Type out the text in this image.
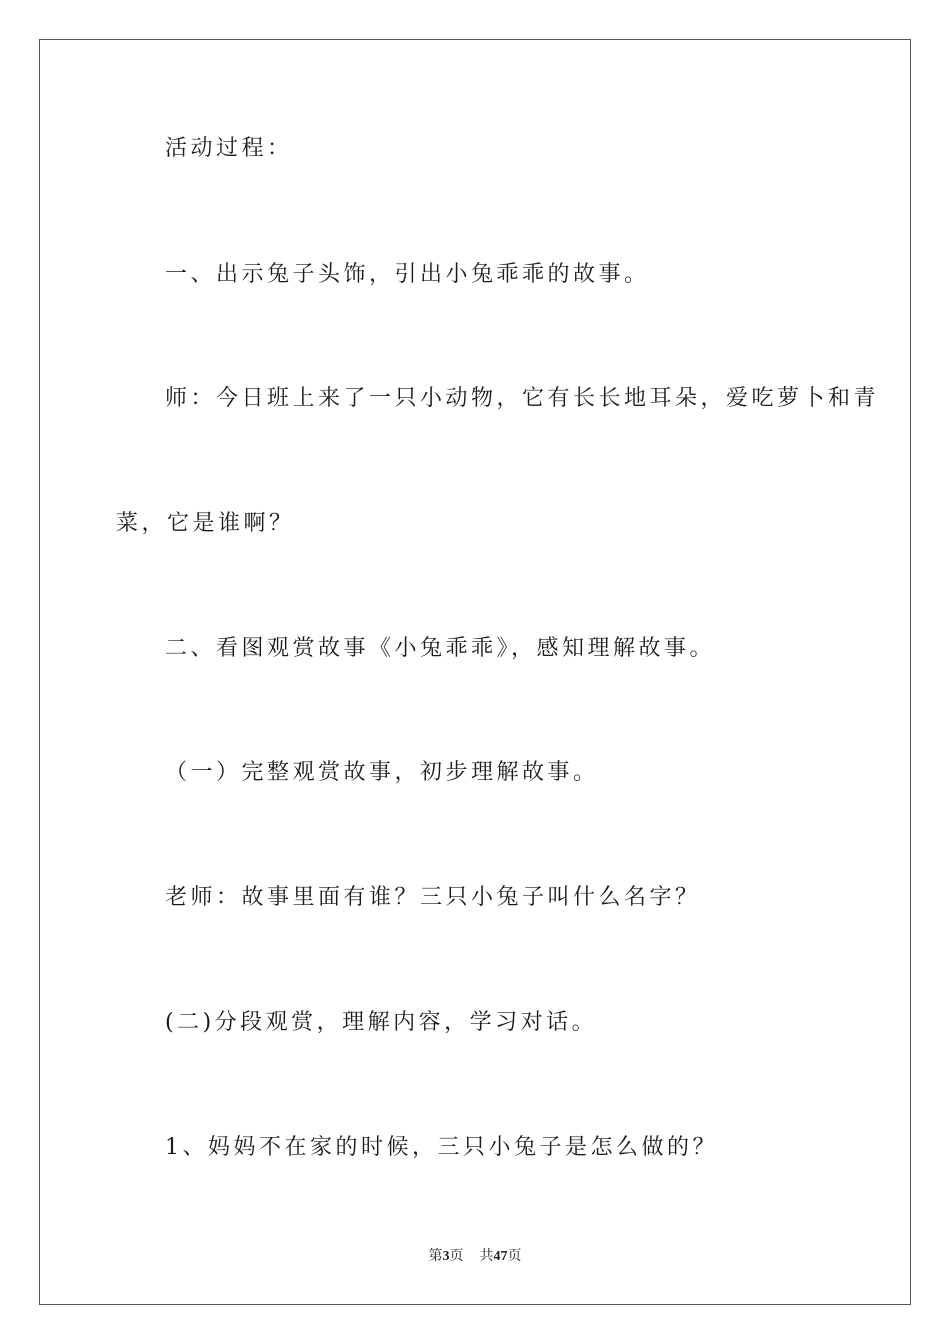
活动过程：
一、出示兔子头饰，引出小兔乖乖的故事。
师：今日班上来了一只小动物，它有长长地耳朵，爱吃萝卜和青
菜，它是谁啊？
二、看图观赏故事《小兔乖乖》，感知理解故事。
（一）完整观赏故事，初步理解故事。
老师：故事里面有谁？三只小兔子叫什么名字？
(二)分段观赏，理解内容，学习对话。
1、妈妈不在家的时候，三只小兔子是怎么做的？
第3页 共47页
